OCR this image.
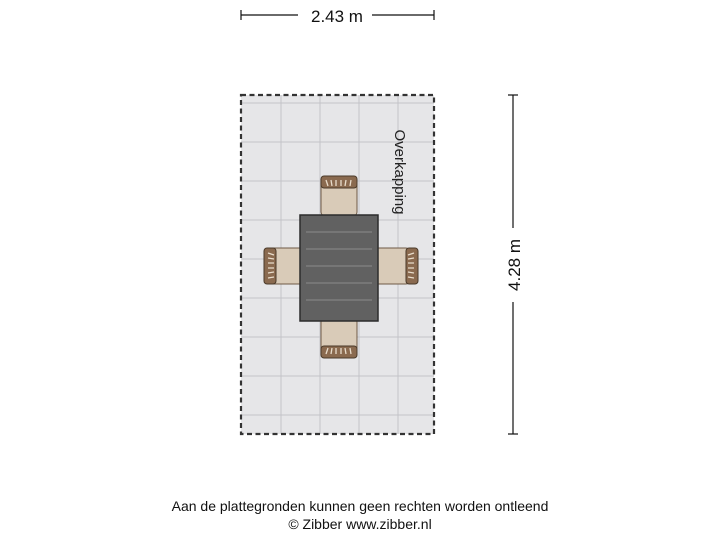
2.43 m
4.28 m
Overkapping
Aan de plattegronden kunnen geen rechten worden ontleend
© Zibber www.zibber.nl
